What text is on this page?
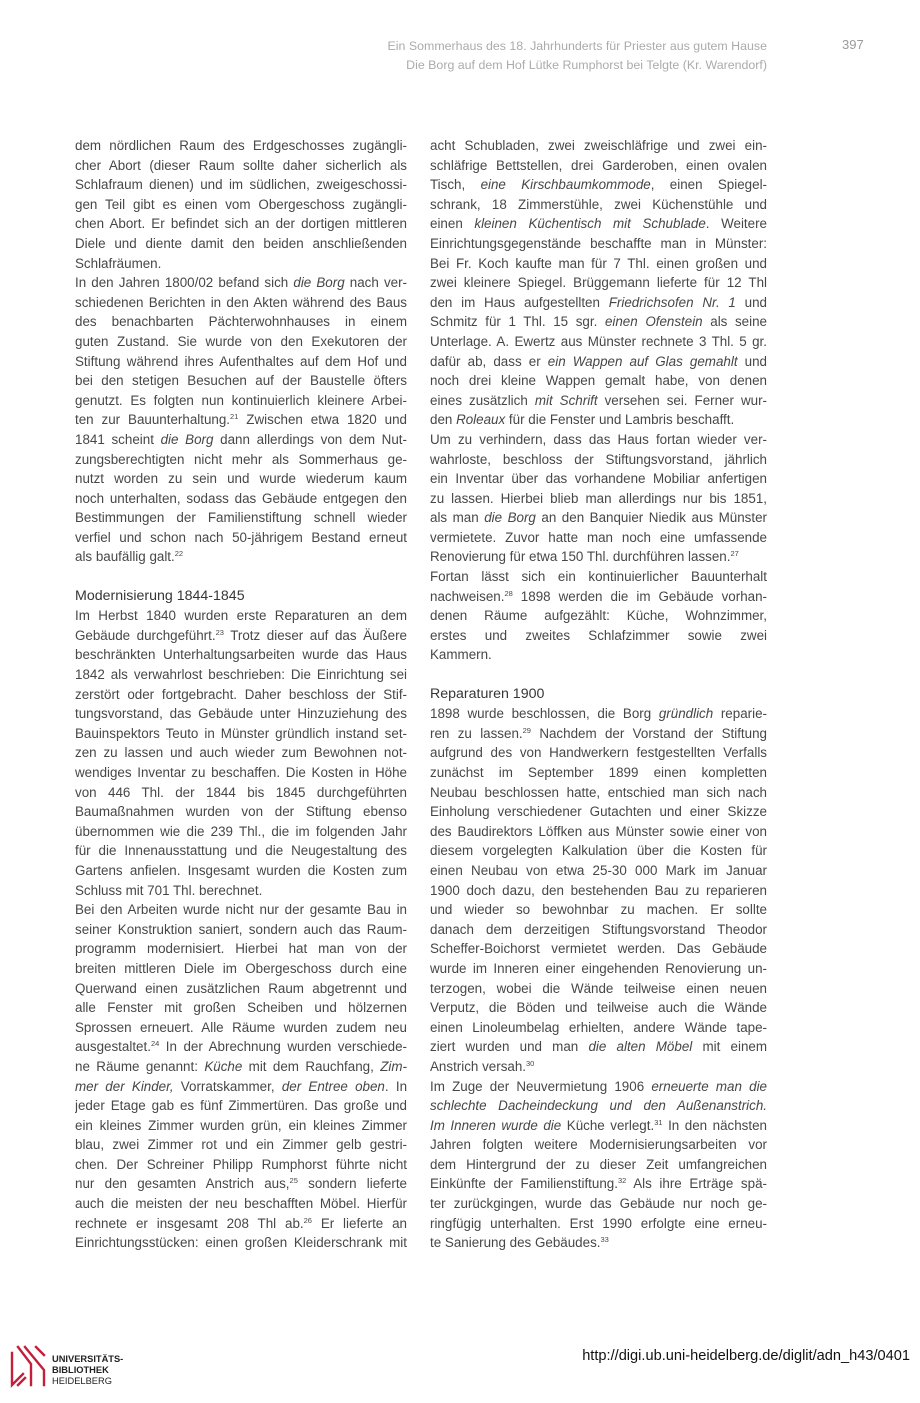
Ein Sommerhaus des 18. Jahrhunderts für Priester aus gutem Hause
Die Borg auf dem Hof Lütke Rumphorst bei Telgte (Kr. Warendorf)
397
dem nördlichen Raum des Erdgeschosses zugängli-
cher Abort (dieser Raum sollte daher sicherlich als
Schlafraum dienen) und im südlichen, zweigeschossi-
gen Teil gibt es einen vom Obergeschoss zugängli-
chen Abort. Er befindet sich an der dortigen mittleren
Diele und diente damit den beiden anschließenden
Schlafräumen.
In den Jahren 1800/02 befand sich die Borg nach ver-
schiedenen Berichten in den Akten während des Baus
des benachbarten Pächterwohnhauses in einem
guten Zustand. Sie wurde von den Exekutoren der
Stiftung während ihres Aufenthaltes auf dem Hof und
bei den stetigen Besuchen auf der Baustelle öfters
genutzt. Es folgten nun kontinuierlich kleinere Arbei-
ten zur Bauunterhaltung.$^{21}$ Zwischen etwa 1820 und
1841 scheint die Borg dann allerdings von dem Nut-
zungsberechtigten nicht mehr als Sommerhaus ge-
nutzt worden zu sein und wurde wiederum kaum
noch unterhalten, sodass das Gebäude entgegen den
Bestimmungen der Familienstiftung schnell wieder
verfiel und schon nach 50-jährigem Bestand erneut
als baufällig galt.$^{22}$
Modernisierung 1844-1845
Im Herbst 1840 wurden erste Reparaturen an dem
Gebäude durchgeführt.$^{23}$ Trotz dieser auf das Äußere
beschränkten Unterhaltungsarbeiten wurde das Haus
1842 als verwahrlost beschrieben: Die Einrichtung sei
zerstört oder fortgebracht. Daher beschloss der Stif-
tungsvorstand, das Gebäude unter Hinzuziehung des
Bauinspektors Teuto in Münster gründlich instand set-
zen zu lassen und auch wieder zum Bewohnen not-
wendiges Inventar zu beschaffen. Die Kosten in Höhe
von 446 Thl. der 1844 bis 1845 durchgeführten
Baumaßnahmen wurden von der Stiftung ebenso
übernommen wie die 239 Thl., die im folgenden Jahr
für die Innenausstattung und die Neugestaltung des
Gartens anfielen. Insgesamt wurden die Kosten zum
Schluss mit 701 Thl. berechnet.
Bei den Arbeiten wurde nicht nur der gesamte Bau in
seiner Konstruktion saniert, sondern auch das Raum-
programm modernisiert. Hierbei hat man von der
breiten mittleren Diele im Obergeschoss durch eine
Querwand einen zusätzlichen Raum abgetrennt und
alle Fenster mit großen Scheiben und hölzernen
Sprossen erneuert. Alle Räume wurden zudem neu
ausgestaltet.$^{24}$ In der Abrechnung wurden verschiede-
ne Räume genannt: Küche mit dem Rauchfang, Zim-
mer der Kinder, Vorratskammer, der Entree oben. In
jeder Etage gab es fünf Zimmertüren. Das große und
ein kleines Zimmer wurden grün, ein kleines Zimmer
blau, zwei Zimmer rot und ein Zimmer gelb gestri-
chen. Der Schreiner Philipp Rumphorst führte nicht
nur den gesamten Anstrich aus,$^{25}$ sondern lieferte
auch die meisten der neu beschafften Möbel. Hierfür
rechnete er insgesamt 208 Thl ab.$^{26}$ Er lieferte an
Einrichtungsstücken: einen großen Kleiderschrank mit
acht Schubladen, zwei zweischläfrige und zwei ein-
schläfrige Bettstellen, drei Garderoben, einen ovalen
Tisch, eine Kirschbaumkommode, einen Spiegel-
schrank, 18 Zimmerstühle, zwei Küchenstühle und
einen kleinen Küchentisch mit Schublade. Weitere
Einrichtungsgegenstände beschaffte man in Münster:
Bei Fr. Koch kaufte man für 7 Thl. einen großen und
zwei kleinere Spiegel. Brüggemann lieferte für 12 Thl
den im Haus aufgestellten Friedrichsofen Nr. 1 und
Schmitz für 1 Thl. 15 sgr. einen Ofenstein als seine
Unterlage. A. Ewertz aus Münster rechnete 3 Thl. 5 gr.
dafür ab, dass er ein Wappen auf Glas gemahlt und
noch drei kleine Wappen gemalt habe, von denen
eines zusätzlich mit Schrift versehen sei. Ferner wur-
den Roleaux für die Fenster und Lambris beschafft.
Um zu verhindern, dass das Haus fortan wieder ver-
wahrloste, beschloss der Stiftungsvorstand, jährlich
ein Inventar über das vorhandene Mobiliar anfertigen
zu lassen. Hierbei blieb man allerdings nur bis 1851,
als man die Borg an den Banquier Niedik aus Münster
vermietete. Zuvor hatte man noch eine umfassende
Renovierung für etwa 150 Thl. durchführen lassen.$^{27}$
Fortan lässt sich ein kontinuierlicher Bauunterhalt
nachweisen.$^{28}$ 1898 werden die im Gebäude vorhan-
denen Räume aufgezählt: Küche, Wohnzimmer,
erstes und zweites Schlafzimmer sowie zwei
Kammern.
Reparaturen 1900
1898 wurde beschlossen, die Borg gründlich reparie-
ren zu lassen.$^{29}$ Nachdem der Vorstand der Stiftung
aufgrund des von Handwerkern festgestellten Verfalls
zunächst im September 1899 einen kompletten
Neubau beschlossen hatte, entschied man sich nach
Einholung verschiedener Gutachten und einer Skizze
des Baudirektors Löffken aus Münster sowie einer von
diesem vorgelegten Kalkulation über die Kosten für
einen Neubau von etwa 25-30 000 Mark im Januar
1900 doch dazu, den bestehenden Bau zu reparieren
und wieder so bewohnbar zu machen. Er sollte
danach dem derzeitigen Stiftungsvorstand Theodor
Scheffer-Boichorst vermietet werden. Das Gebäude
wurde im Inneren einer eingehenden Renovierung un-
terzogen, wobei die Wände teilweise einen neuen
Verputz, die Böden und teilweise auch die Wände
einen Linoleumbelag erhielten, andere Wände tape-
ziert wurden und man die alten Möbel mit einem
Anstrich versah.$^{30}$
Im Zuge der Neuvermietung 1906 erneuerte man die
schlechte Dacheindeckung und den Außenanstrich.
Im Inneren wurde die Küche verlegt.$^{31}$ In den nächsten
Jahren folgten weitere Modernisierungsarbeiten vor
dem Hintergrund der zu dieser Zeit umfangreichen
Einkünfte der Familienstiftung.$^{32}$ Als ihre Erträge spä-
ter zurückgingen, wurde das Gebäude nur noch ge-
ringfügig unterhalten. Erst 1990 erfolgte eine erneu-
te Sanierung des Gebäudes.$^{33}$
UNIVERSITÄTS-
BIBLIOTHEK
HEIDELBERG
http://digi.ub.uni-heidelberg.de/diglit/adn_h43/0401
